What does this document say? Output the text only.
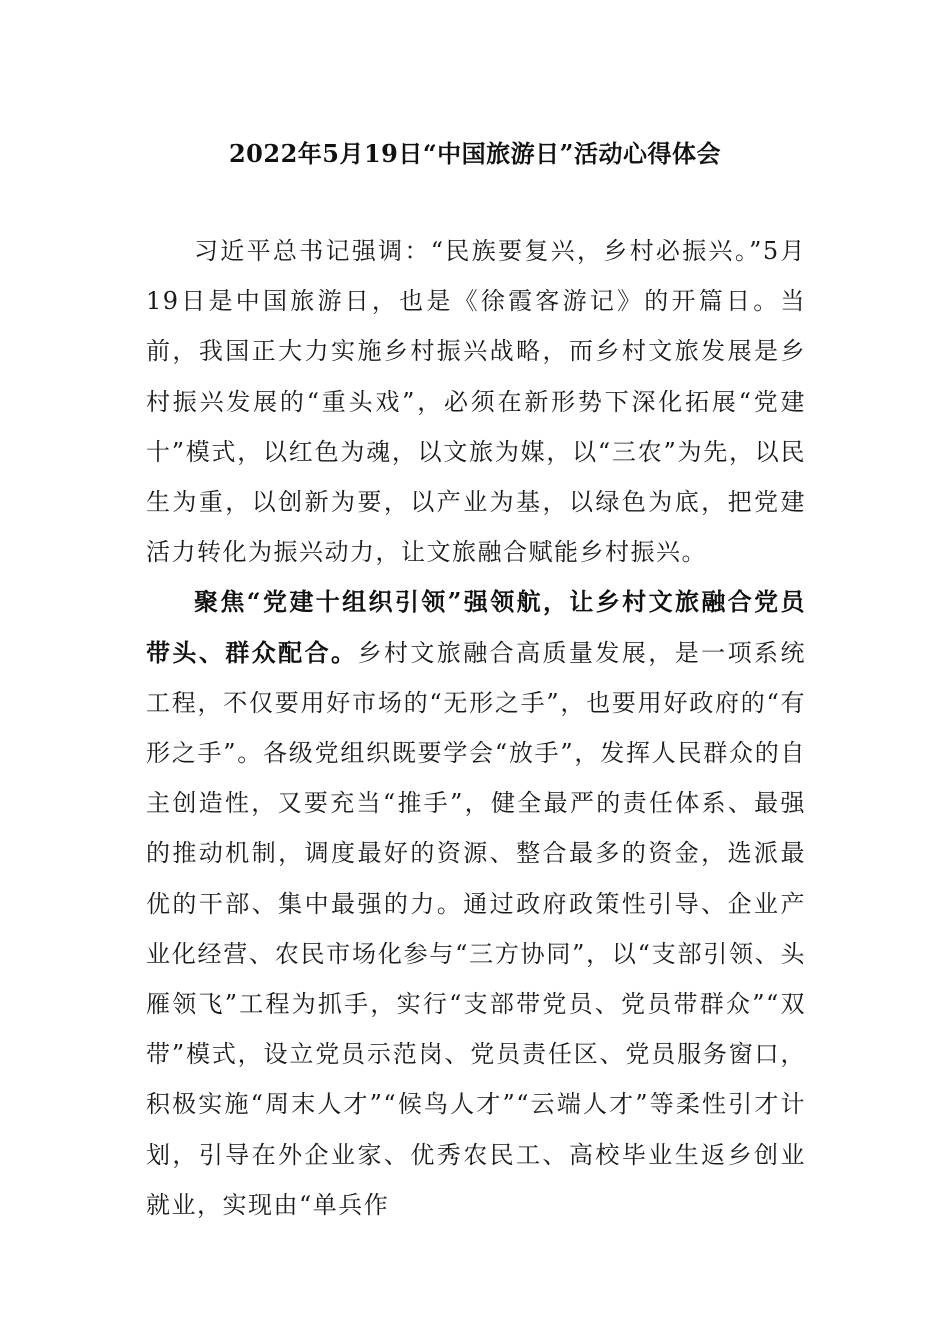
2022年5月19日“中国旅游日”活动心得体会

习近平总书记强调：“民族要复兴，乡村必振兴。”5月19日是中国旅游日，也是《徐霞客游记》的开篇日。当前，我国正大力实施乡村振兴战略，而乡村文旅发展是乡村振兴发展的“重头戏”，必须在新形势下深化拓展“党建十”模式，以红色为魂，以文旅为媒，以“三农”为先，以民生为重，以创新为要，以产业为基，以绿色为底，把党建活力转化为振兴动力，让文旅融合赋能乡村振兴。

聚焦“党建十组织引领”强领航，让乡村文旅融合党员带头、群众配合。乡村文旅融合高质量发展，是一项系统工程，不仅要用好市场的“无形之手”，也要用好政府的“有形之手”。各级党组织既要学会“放手”，发挥人民群众的自主创造性，又要充当“推手”，健全最严的责任体系、最强的推动机制，调度最好的资源、整合最多的资金，选派最优的干部、集中最强的力。通过政府政策性引导、企业产业化经营、农民市场化参与“三方协同”，以“支部引领、头雁领飞”工程为抓手，实行“支部带党员、党员带群众”“双带”模式，设立党员示范岗、党员责任区、党员服务窗口，积极实施“周末人才”“候鸟人才”“云端人才”等柔性引才计划，引导在外企业家、优秀农民工、高校毕业生返乡创业就业，实现由“单兵作
